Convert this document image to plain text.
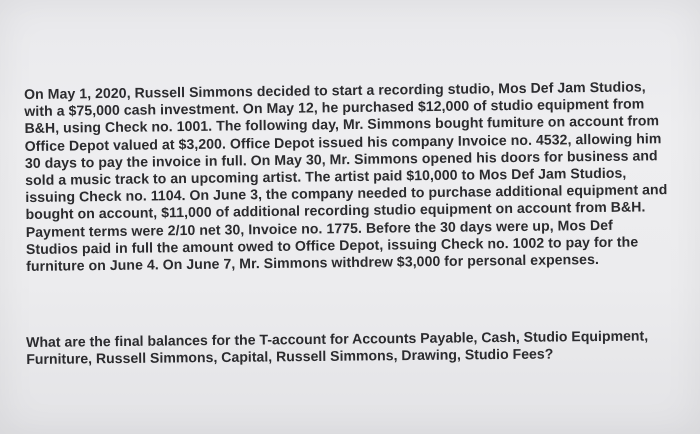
On May 1, 2020, Russell Simmons decided to start a recording studio, Mos Def Jam Studios,
with a $75,000 cash investment. On May 12, he purchased $12,000 of studio equipment from
B&H, using Check no. 1001. The following day, Mr. Simmons bought fumiture on account from
Office Depot valued at $3,200. Office Depot issued his company Invoice no. 4532, allowing him
30 days to pay the invoice in full. On May 30, Mr. Simmons opened his doors for business and
sold a music track to an upcoming artist. The artist paid $10,000 to Mos Def Jam Studios,
issuing Check no. 1104. On June 3, the company needed to purchase additional equipment and
bought on account, $11,000 of additional recording studio equipment on account from B&H.
Payment terms were 2/10 net 30, Invoice no. 1775. Before the 30 days were up, Mos Def
Studios paid in full the amount owed to Office Depot, issuing Check no. 1002 to pay for the
furniture on June 4. On June 7, Mr. Simmons withdrew $3,000 for personal expenses.
What are the final balances for the T-account for Accounts Payable, Cash, Studio Equipment,
Furniture, Russell Simmons, Capital, Russell Simmons, Drawing, Studio Fees?
